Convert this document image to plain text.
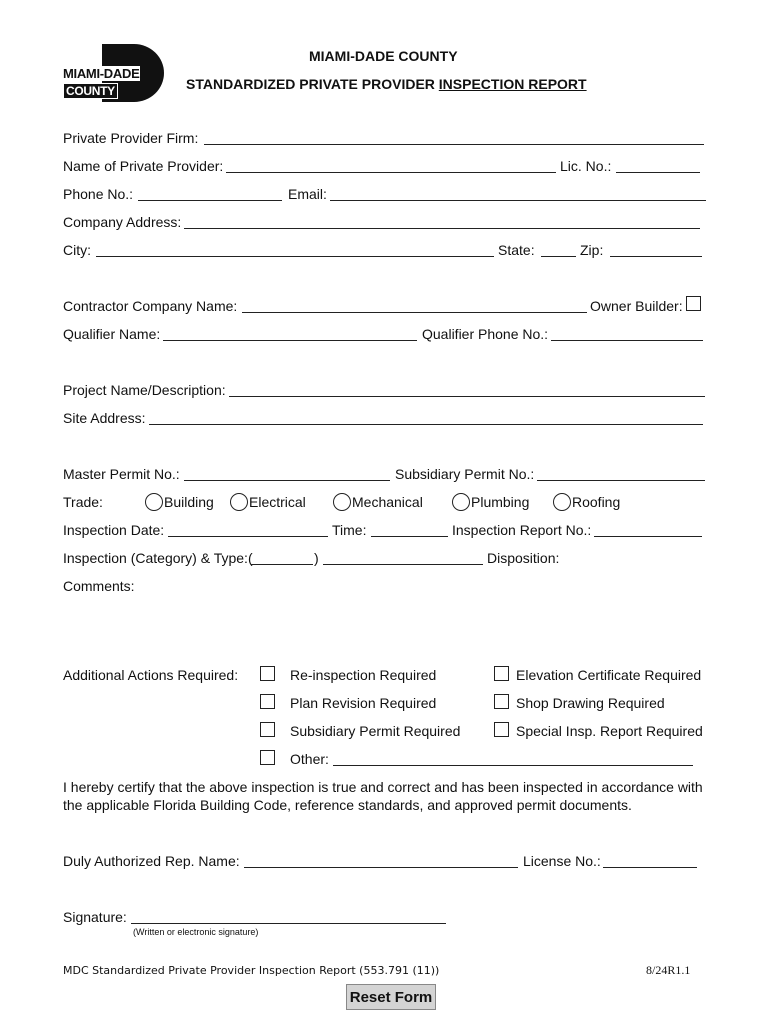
MIAMI-DADE
COUNTY
MIAMI-DADE COUNTY
STANDARDIZED PRIVATE PROVIDER INSPECTION REPORT
Private Provider Firm:
Name of Private Provider:	Lic. No.:
Phone No.:	Email:
Company Address:
City:	State:	Zip:
Contractor Company Name:	Owner Builder:
Qualifier Name:	Qualifier Phone No.:
Project Name/Description:
Site Address:
Master Permit No.:	Subsidiary Permit No.:
Trade:	Building	Electrical	Mechanical	Plumbing	Roofing
Inspection Date:	Time:	Inspection Report No.:
Inspection (Category) & Type:(	)	Disposition:
Comments:
Additional Actions Required:	Re-inspection Required	Elevation Certificate Required
Plan Revision Required	Shop Drawing Required
Subsidiary Permit Required	Special Insp. Report Required
Other:
I hereby certify that the above inspection is true and correct and has been inspected in accordance with
the applicable Florida Building Code, reference standards, and approved permit documents.
Duly Authorized Rep. Name:	License No.:
Signature:
(Written or electronic signature)
MDC Standardized Private Provider Inspection Report (553.791 (11))	8/24R1.1
Reset Form
